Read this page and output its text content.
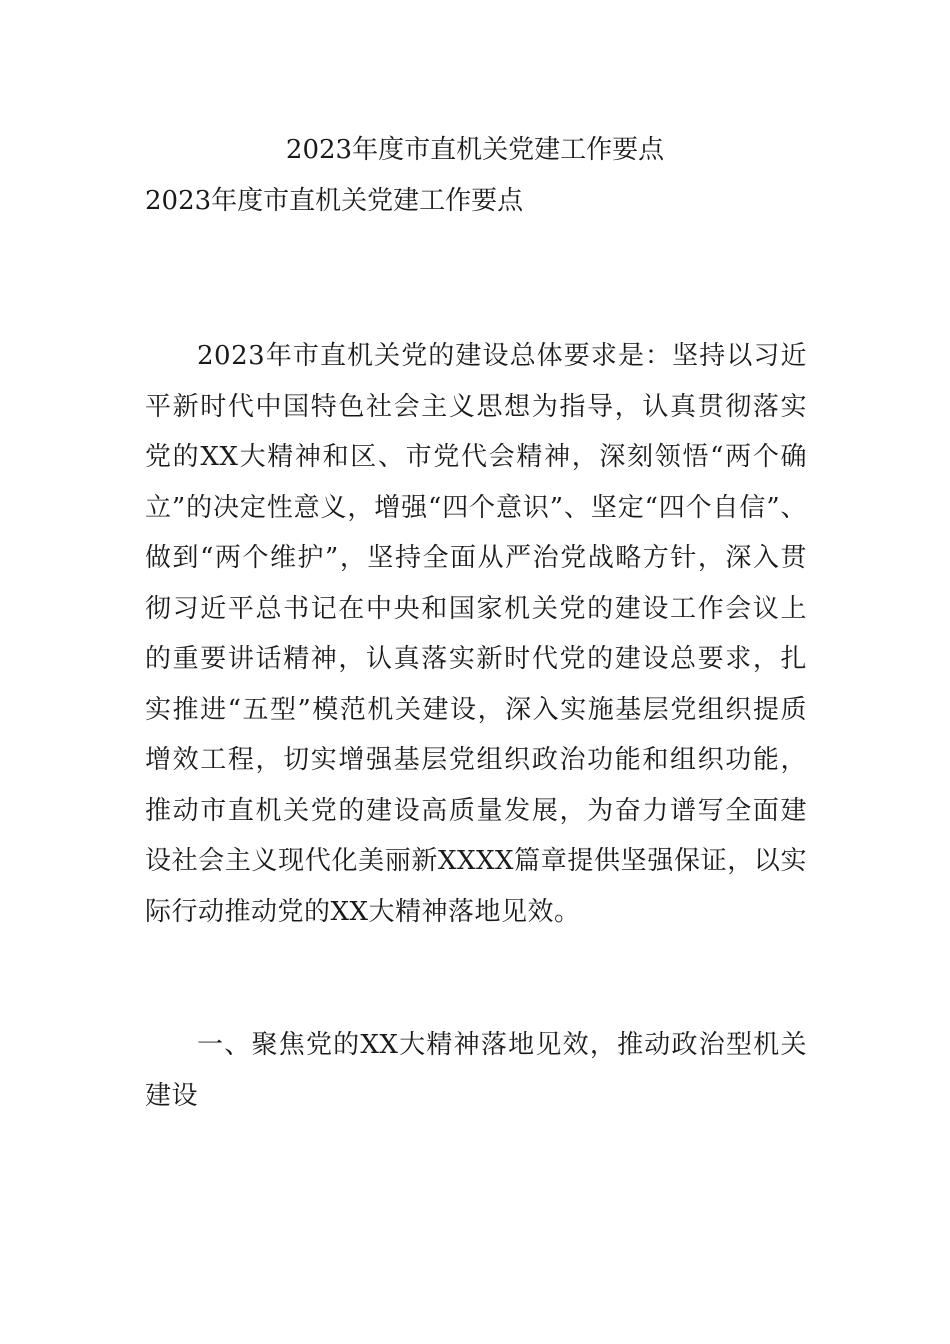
2023年度市直机关党建工作要点
2023年度市直机关党建工作要点

2023年市直机关党的建设总体要求是：坚持以习近平新时代中国特色社会主义思想为指导，认真贯彻落实党的XX大精神和区、市党代会精神，深刻领悟“两个确立”的决定性意义，增强“四个意识”、坚定“四个自信”、做到“两个维护”，坚持全面从严治党战略方针，深入贯彻习近平总书记在中央和国家机关党的建设工作会议上的重要讲话精神，认真落实新时代党的建设总要求，扎实推进“五型”模范机关建设，深入实施基层党组织提质增效工程，切实增强基层党组织政治功能和组织功能，推动市直机关党的建设高质量发展，为奋力谱写全面建设社会主义现代化美丽新XXXX篇章提供坚强保证，以实际行动推动党的XX大精神落地见效。

一、聚焦党的XX大精神落地见效，推动政治型机关建设
